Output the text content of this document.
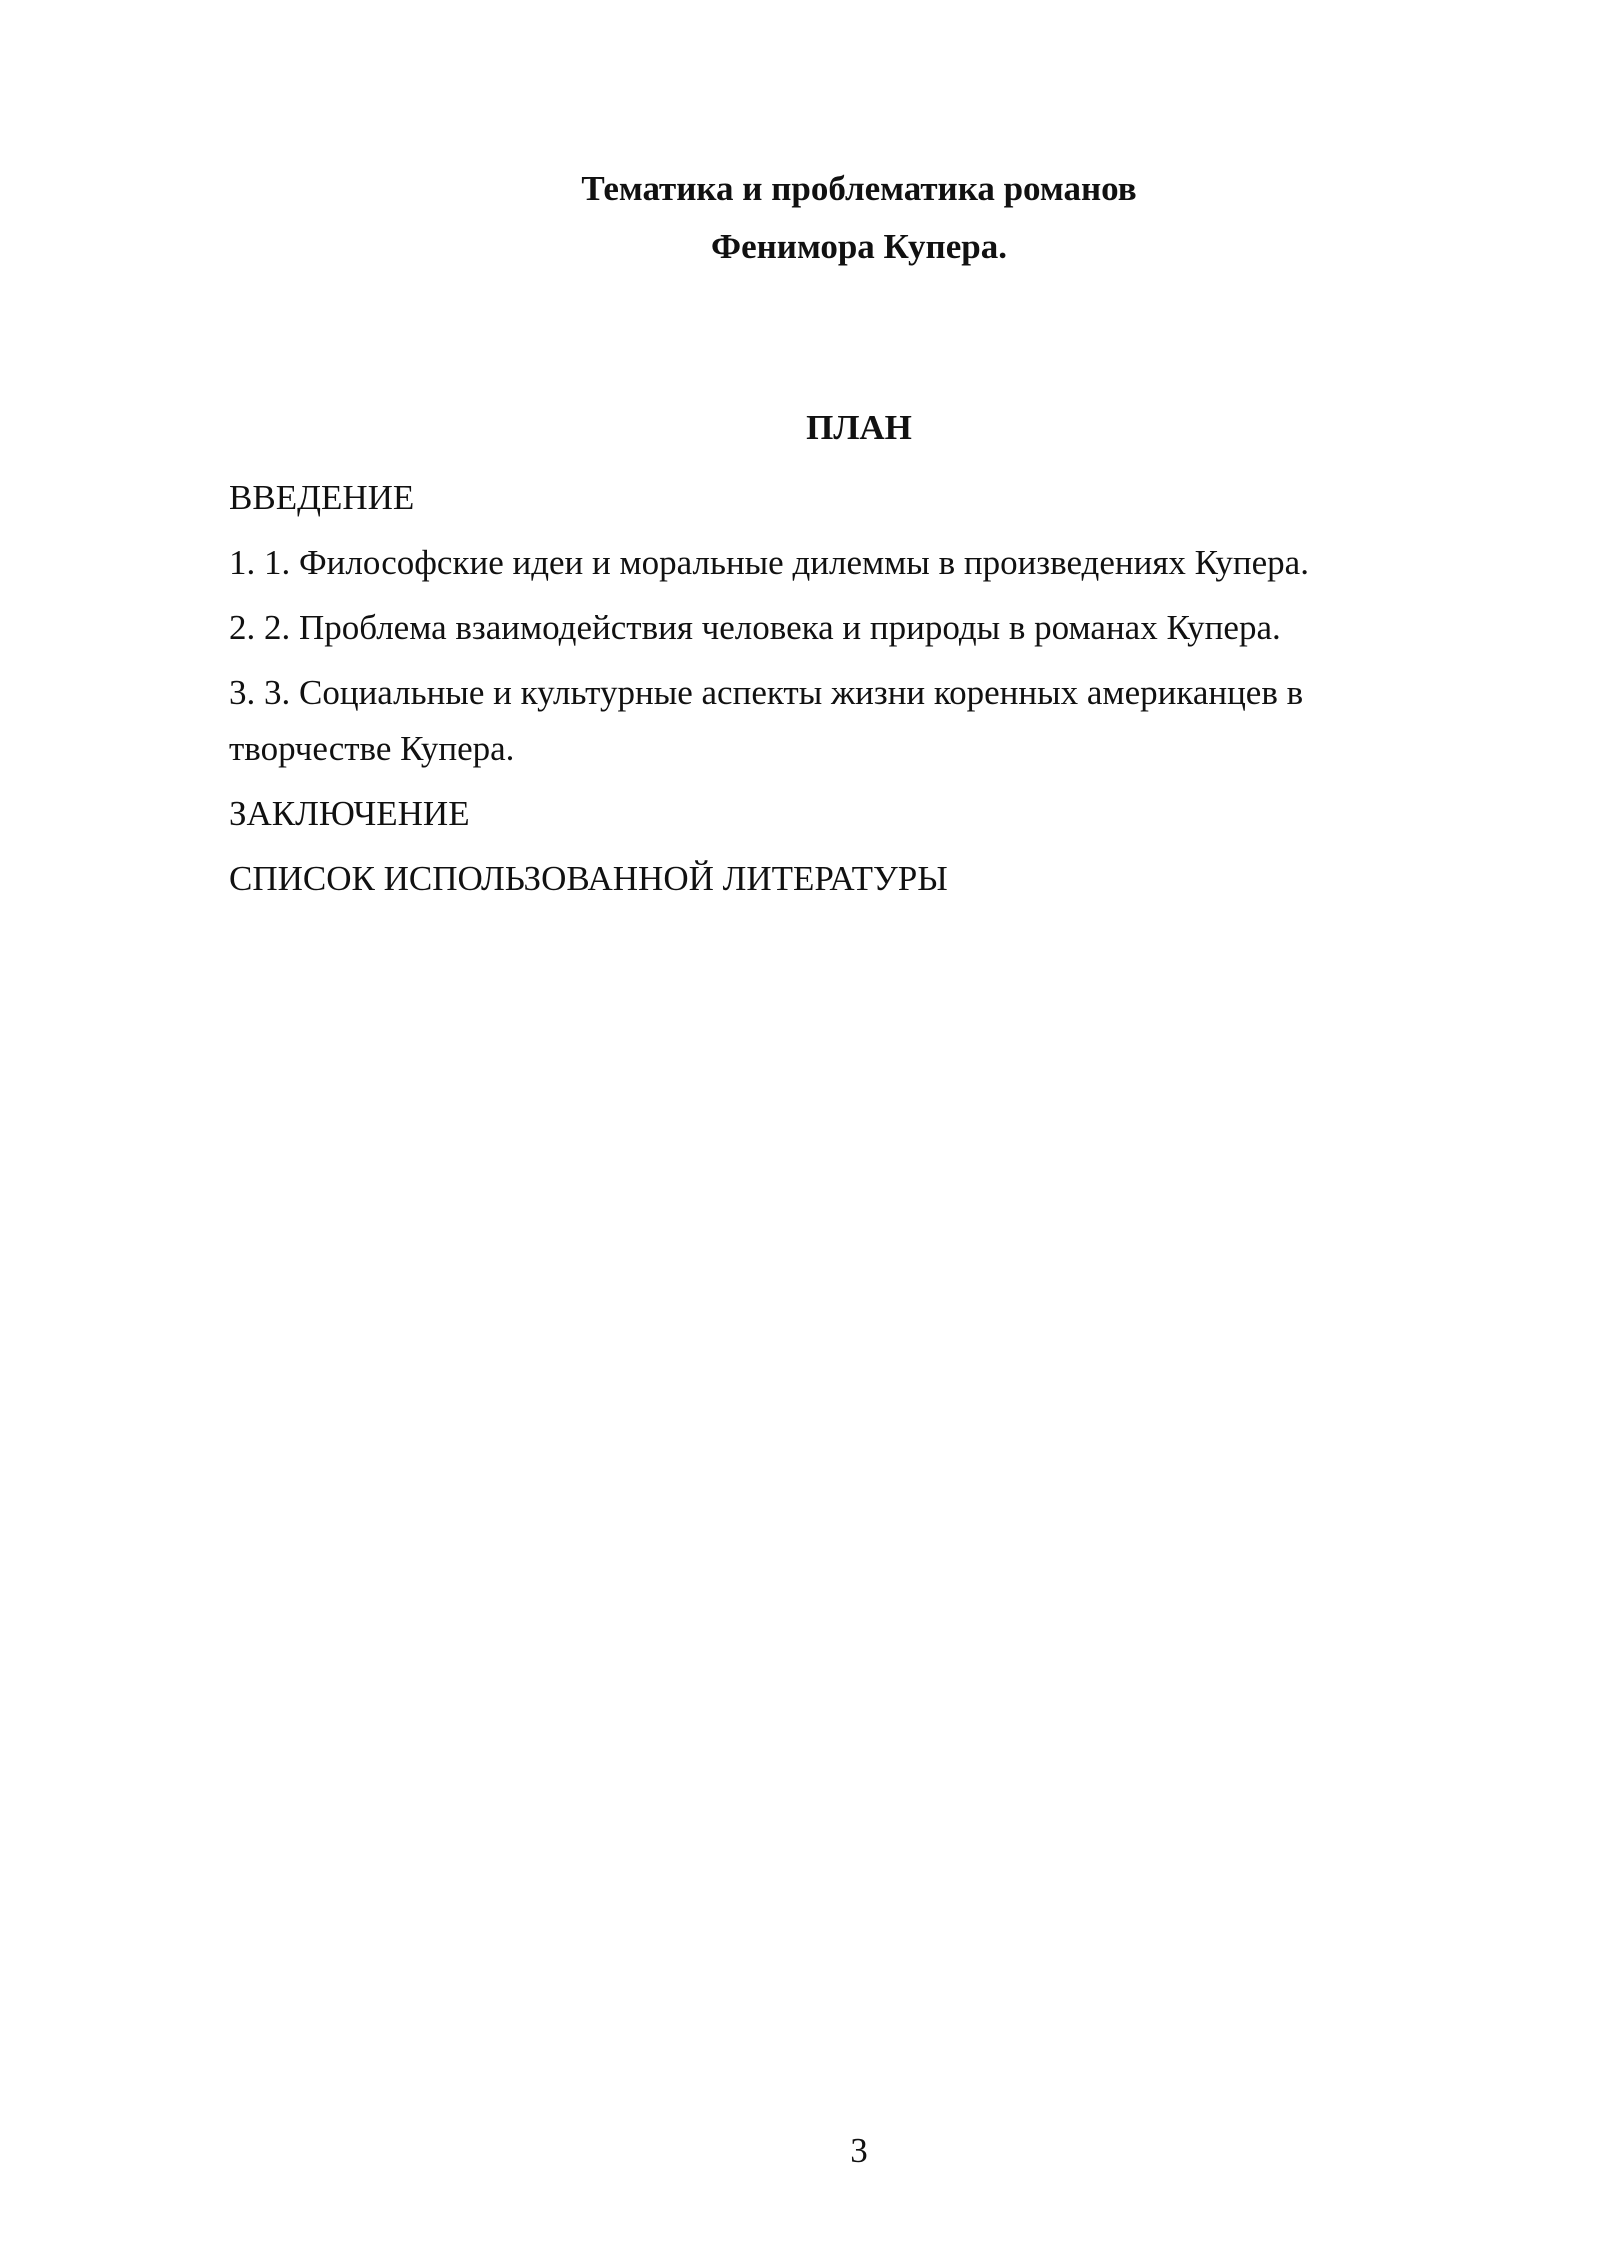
Тематика и проблематика романов
Фенимора Купера.
ПЛАН
ВВЕДЕНИЕ
1. 1. Философские идеи и моральные дилеммы в произведениях Купера.
2. 2. Проблема взаимодействия человека и природы в романах Купера.
3. 3. Социальные и культурные аспекты жизни коренных американцев в творчестве Купера.
ЗАКЛЮЧЕНИЕ
СПИСОК ИСПОЛЬЗОВАННОЙ ЛИТЕРАТУРЫ
3
